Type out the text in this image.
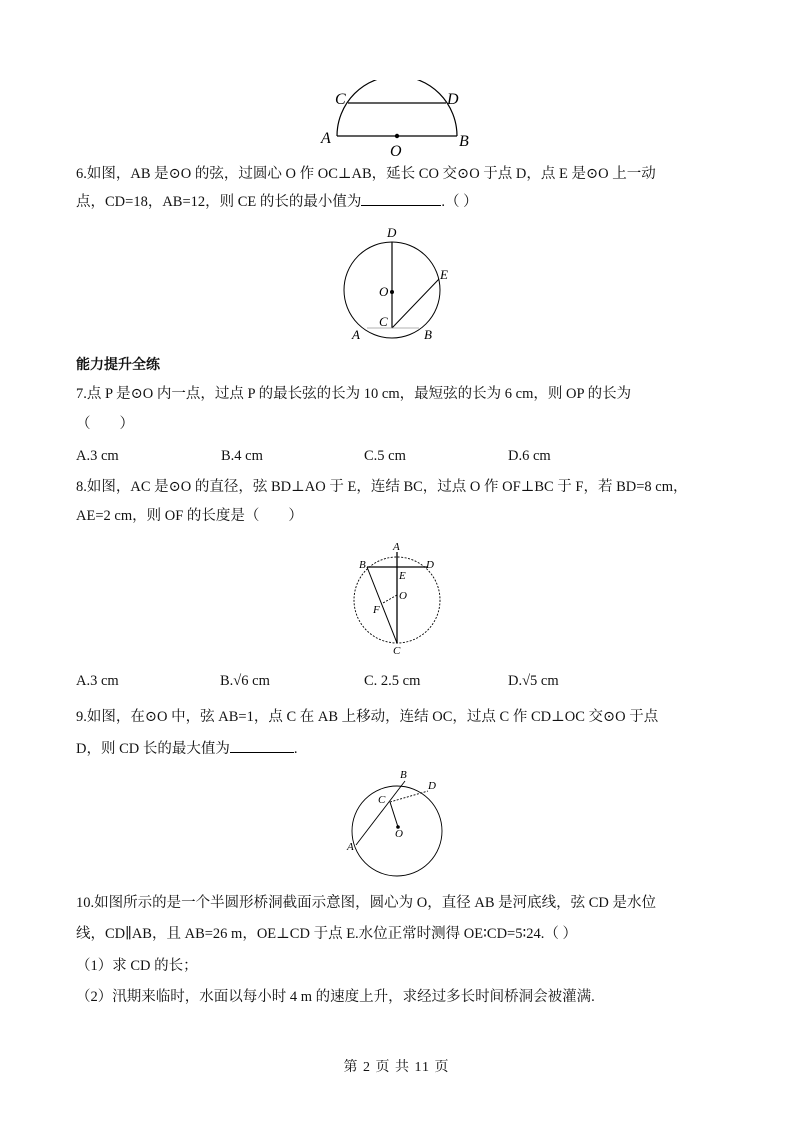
C	D
A	B
O
6.如图，AB 是⊙O 的弦，过圆心 O 作 OC⊥AB，延长 CO 交⊙O 于点 D，点 E 是⊙O 上一动
点，CD=18，AB=12，则 CE 的长的最小值为	.（ ）
D
O
E
C
A	B
能力提升全练
7.点 P 是⊙O 内一点，过点 P 的最长弦的长为 10 cm，最短弦的长为 6 cm，则 OP 的长为
（　　）
A.3 cm	B.4 cm	C.5 cm	D.6 cm
8.如图，AC 是⊙O 的直径，弦 BD⊥AO 于 E，连结 BC，过点 O 作 OF⊥BC 于 F，若 BD=8 cm，
AE=2 cm，则 OF 的长度是（　　）
A
B	D
E
O
F
C
A.3 cm	B.√6 cm	C. 2.5 cm	D.√5 cm
9.如图，在⊙O 中，弦 AB=1，点 C 在 AB 上移动，连结 OC，过点 C 作 CD⊥OC 交⊙O 于点
D，则 CD 长的最大值为	.
B
D
C
O
A
10.如图所示的是一个半圆形桥洞截面示意图，圆心为 O，直径 AB 是河底线，弦 CD 是水位
线，CD∥AB，且 AB=26 m，OE⊥CD 于点 E.水位正常时测得 OE∶CD=5∶24.（ ）
（1）求 CD 的长；
（2）汛期来临时，水面以每小时 4 m 的速度上升，求经过多长时间桥洞会被灌满.
第 2 页 共 11 页
